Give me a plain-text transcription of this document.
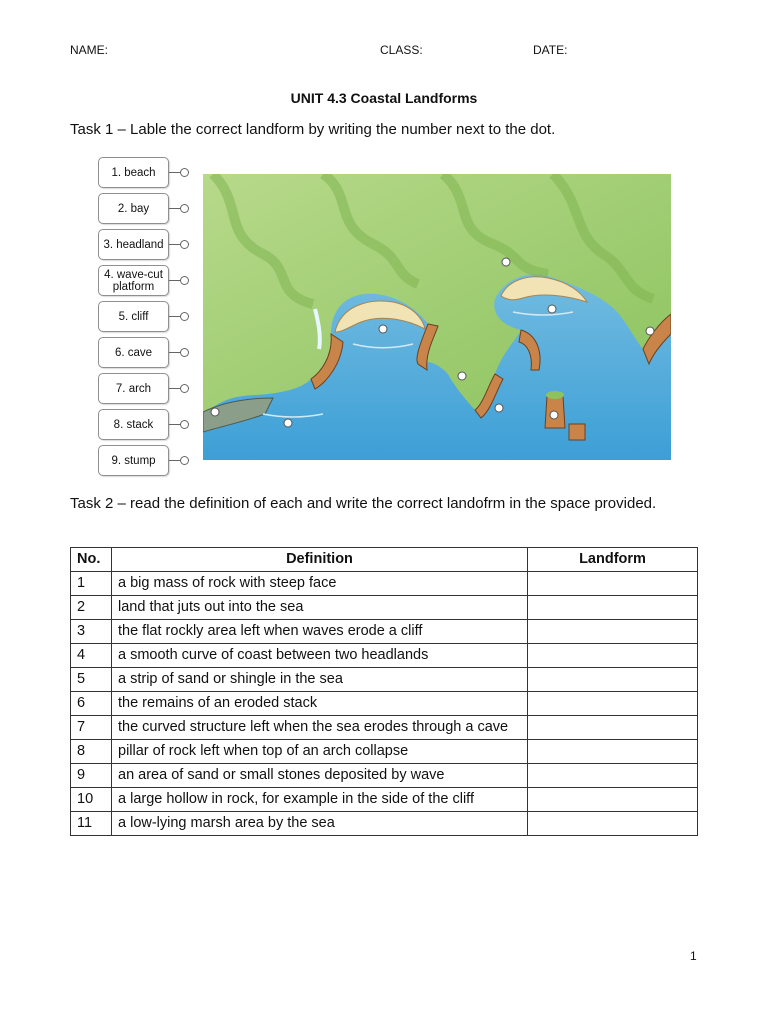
NAME:	CLASS:	DATE:
UNIT 4.3 Coastal Landforms
Task 1 – Lable the correct landform by writing the number next to the dot.
1. beach
2. bay
3. headland
4. wave-cut platform
5. cliff
6. cave
7. arch
8. stack
9. stump
Task 2 – read the definition of each and write the correct landofrm in the space provided.
No.	Definition	Landform
1	a big mass of rock with steep face	
2	land that juts out into the sea	
3	the flat rockly area left when waves erode a cliff	
4	a smooth curve of coast between two headlands	
5	a strip of sand or shingle in the sea	
6	the remains of an eroded stack	
7	the curved structure left when the sea erodes through a cave	
8	pillar of rock left when top of an arch collapse	
9	an area of sand or small stones deposited by wave	
10	a large hollow in rock, for example in the side of the cliff	
11	a low-lying marsh area by the sea	
1
